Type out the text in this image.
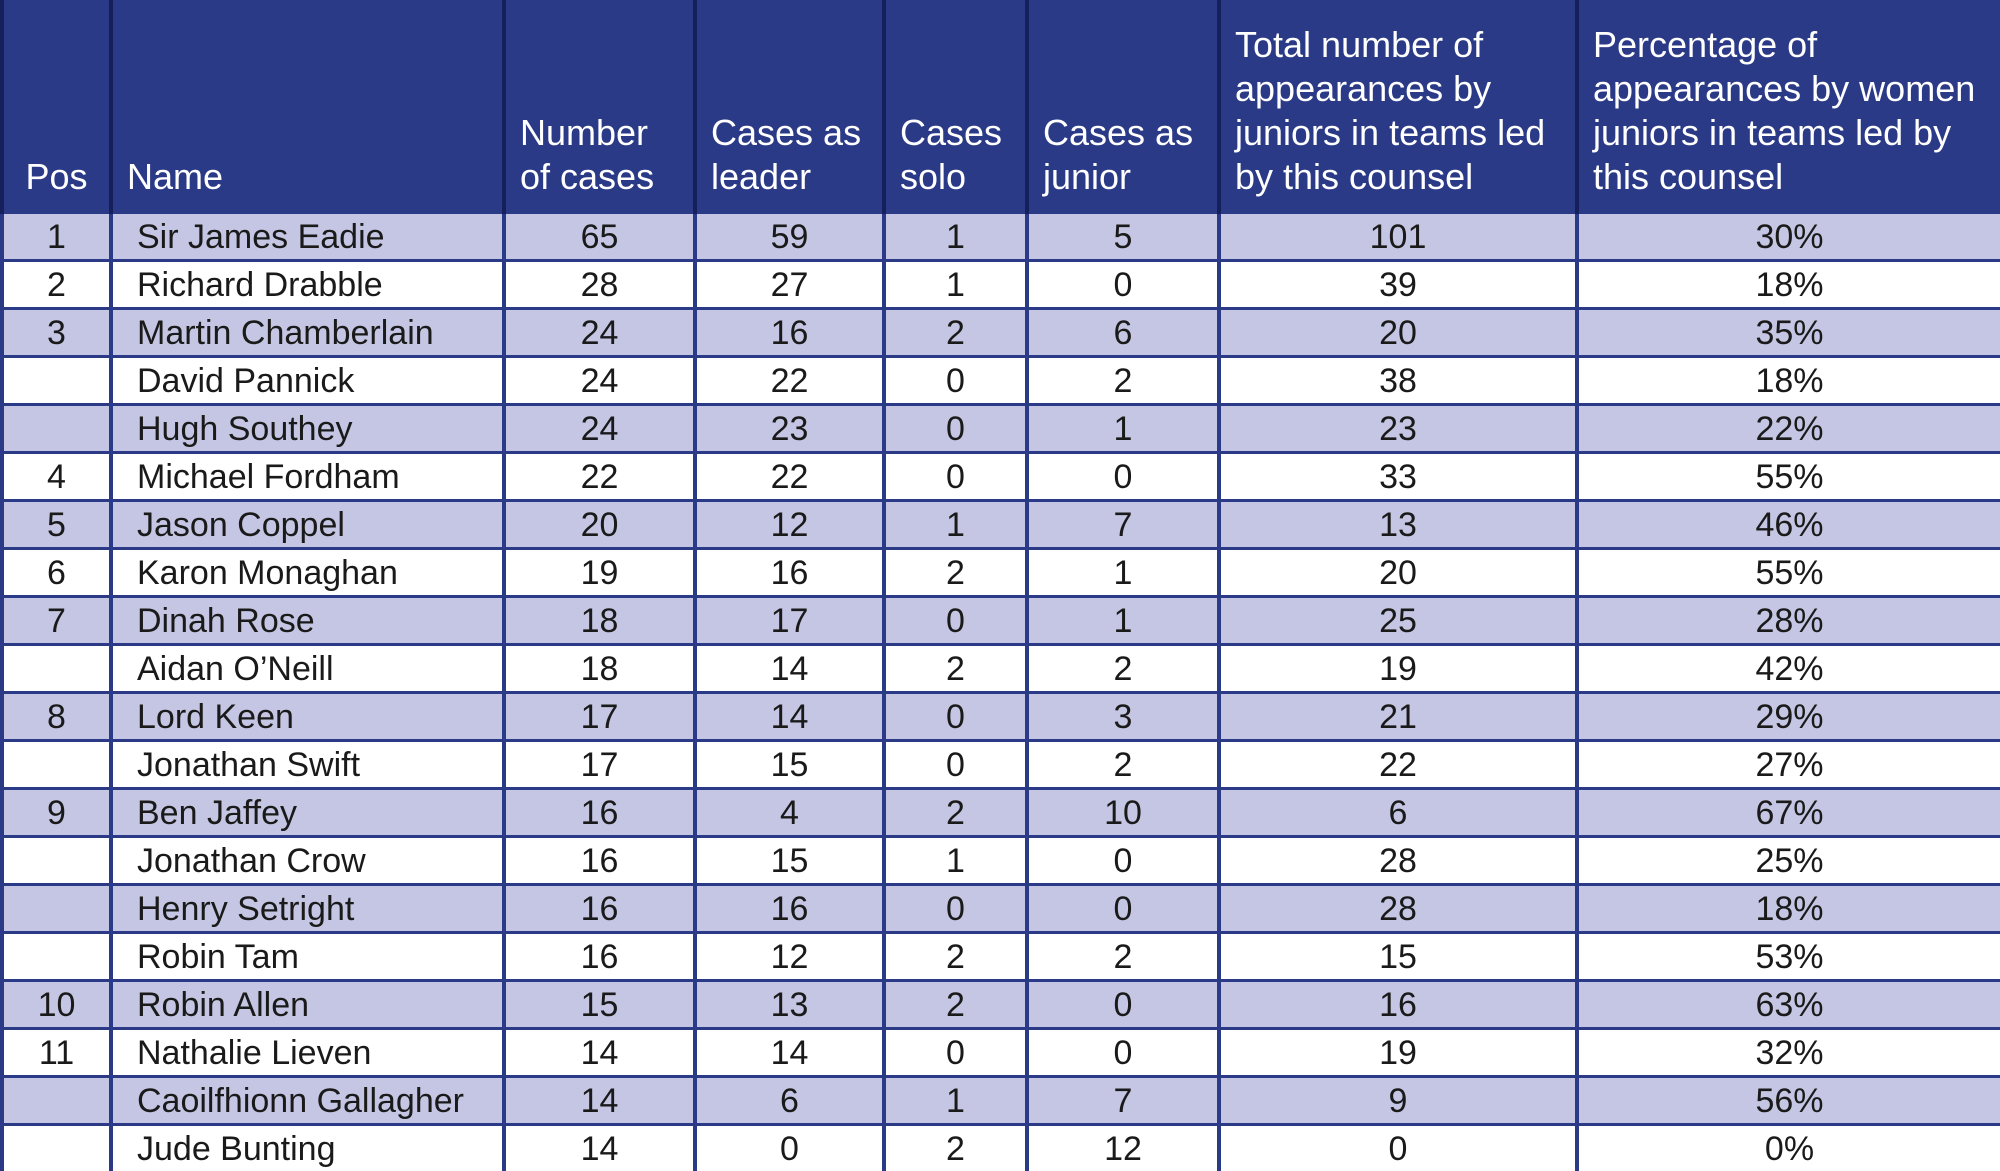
Pos	Name	Number of cases	Cases as leader	Cases solo	Cases as junior	Total number of appearances by juniors in teams led by this counsel	Percentage of appearances by women juniors in teams led by this counsel
1	Sir James Eadie	65	59	1	5	101	30%
2	Richard Drabble	28	27	1	0	39	18%
3	Martin Chamberlain	24	16	2	6	20	35%
	David Pannick	24	22	0	2	38	18%
	Hugh Southey	24	23	0	1	23	22%
4	Michael Fordham	22	22	0	0	33	55%
5	Jason Coppel	20	12	1	7	13	46%
6	Karon Monaghan	19	16	2	1	20	55%
7	Dinah Rose	18	17	0	1	25	28%
	Aidan O’Neill	18	14	2	2	19	42%
8	Lord Keen	17	14	0	3	21	29%
	Jonathan Swift	17	15	0	2	22	27%
9	Ben Jaffey	16	4	2	10	6	67%
	Jonathan Crow	16	15	1	0	28	25%
	Henry Setright	16	16	0	0	28	18%
	Robin Tam	16	12	2	2	15	53%
10	Robin Allen	15	13	2	0	16	63%
11	Nathalie Lieven	14	14	0	0	19	32%
	Caoilfhionn Gallagher	14	6	1	7	9	56%
	Jude Bunting	14	0	2	12	0	0%
